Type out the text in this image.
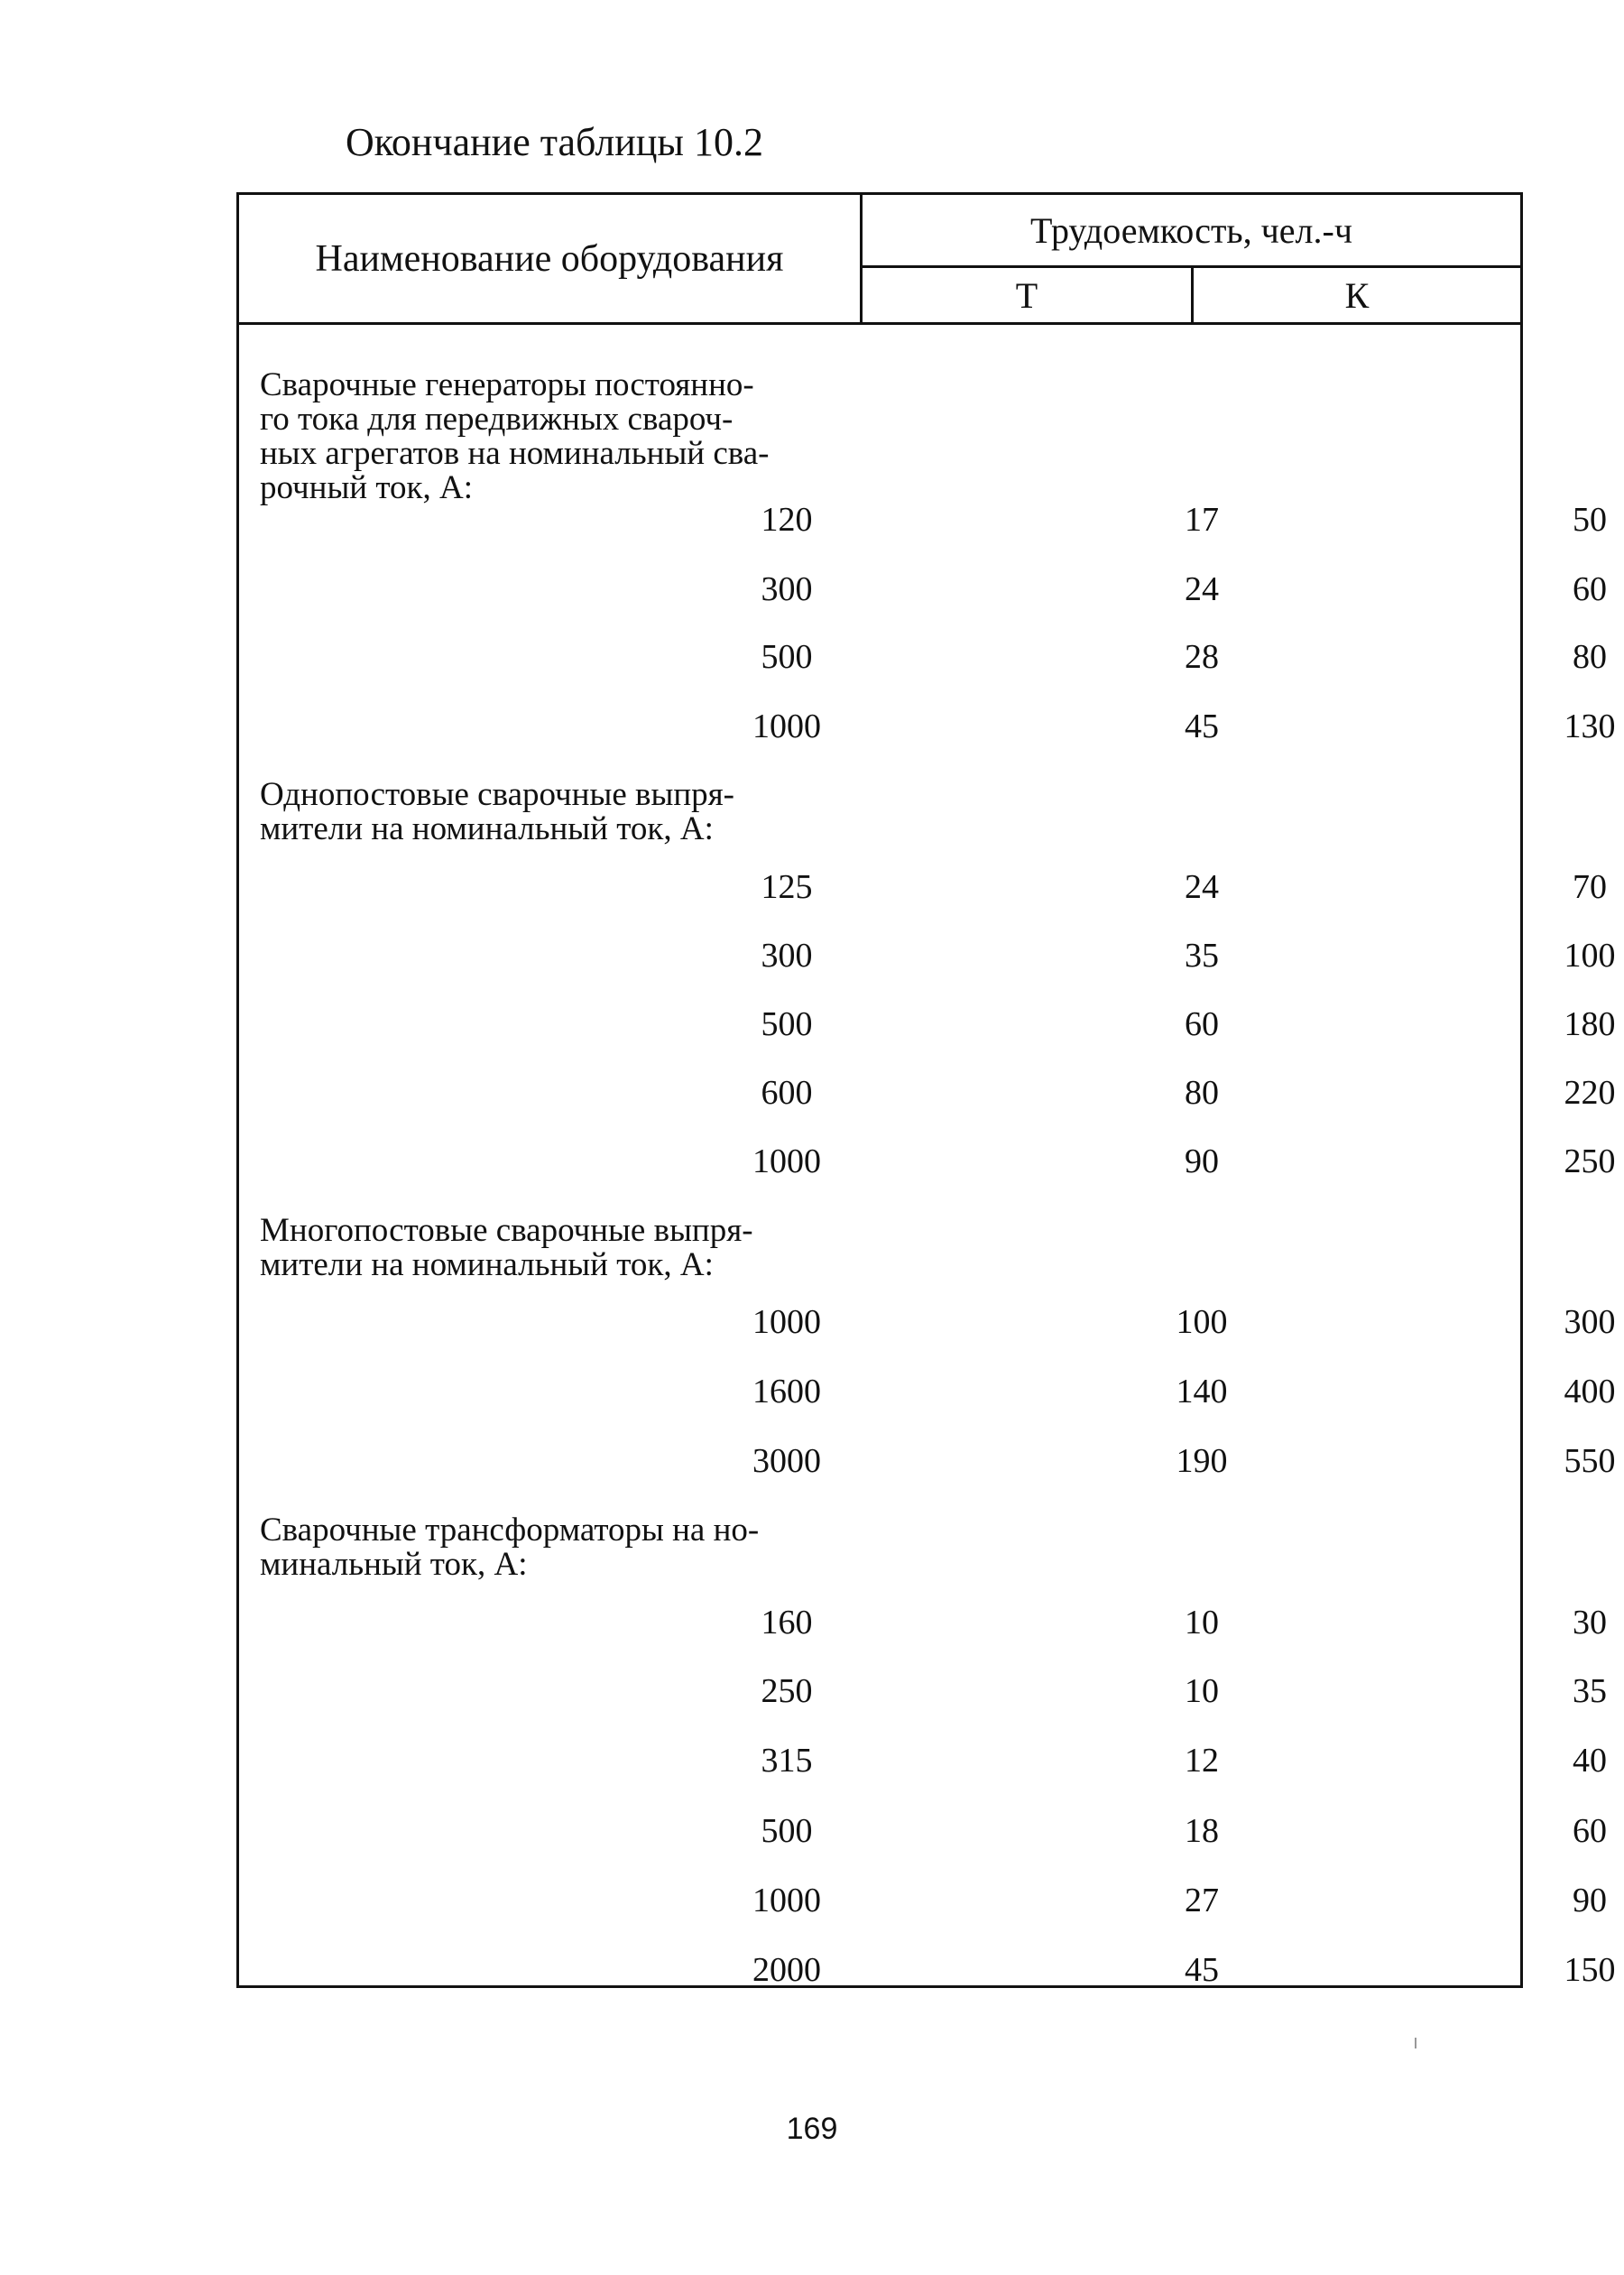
Окончание таблицы 10.2
Наименование оборудования
Трудоемкость, чел.-ч
Т	К
Сварочные генераторы постоянно-
го тока для передвижных свароч-
ных агрегатов на номинальный сва-
рочный ток, А:
120	17	50
300	24	60
500	28	80
1000	45	130
Однопостовые сварочные выпря-
мители на номинальный ток, А:
125	24	70
300	35	100
500	60	180
600	80	220
1000	90	250
Многопостовые сварочные выпря-
мители на номинальный ток, А:
1000	100	300
1600	140	400
3000	190	550
Сварочные трансформаторы на но-
минальный ток, А:
160	10	30
250	10	35
315	12	40
500	18	60
1000	27	90
2000	45	150
169
